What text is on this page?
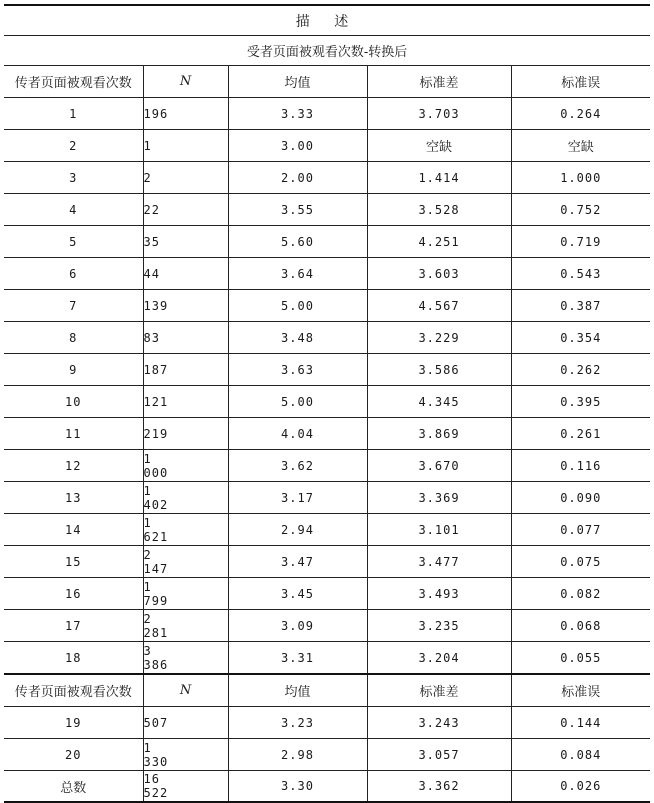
描 述				
受者页面被观看次数-转换后				
传者页面被观看次数	N	均值	标准差	标准误
1	196	3.33	3.703	0.264
2	1	3.00	空缺	空缺
3	2	2.00	1.414	1.000
4	22	3.55	3.528	0.752
5	35	5.60	4.251	0.719
6	44	3.64	3.603	0.543
7	139	5.00	4.567	0.387
8	83	3.48	3.229	0.354
9	187	3.63	3.586	0.262
10	121	5.00	4.345	0.395
11	219	4.04	3.869	0.261
12	1 000	3.62	3.670	0.116
13	1 402	3.17	3.369	0.090
14	1 621	2.94	3.101	0.077
15	2 147	3.47	3.477	0.075
16	1 799	3.45	3.493	0.082
17	2 281	3.09	3.235	0.068
18	3 386	3.31	3.204	0.055
传者页面被观看次数	N	均值	标准差	标准误
19	507	3.23	3.243	0.144
20	1 330	2.98	3.057	0.084
总数	16 522	3.30	3.362	0.026
